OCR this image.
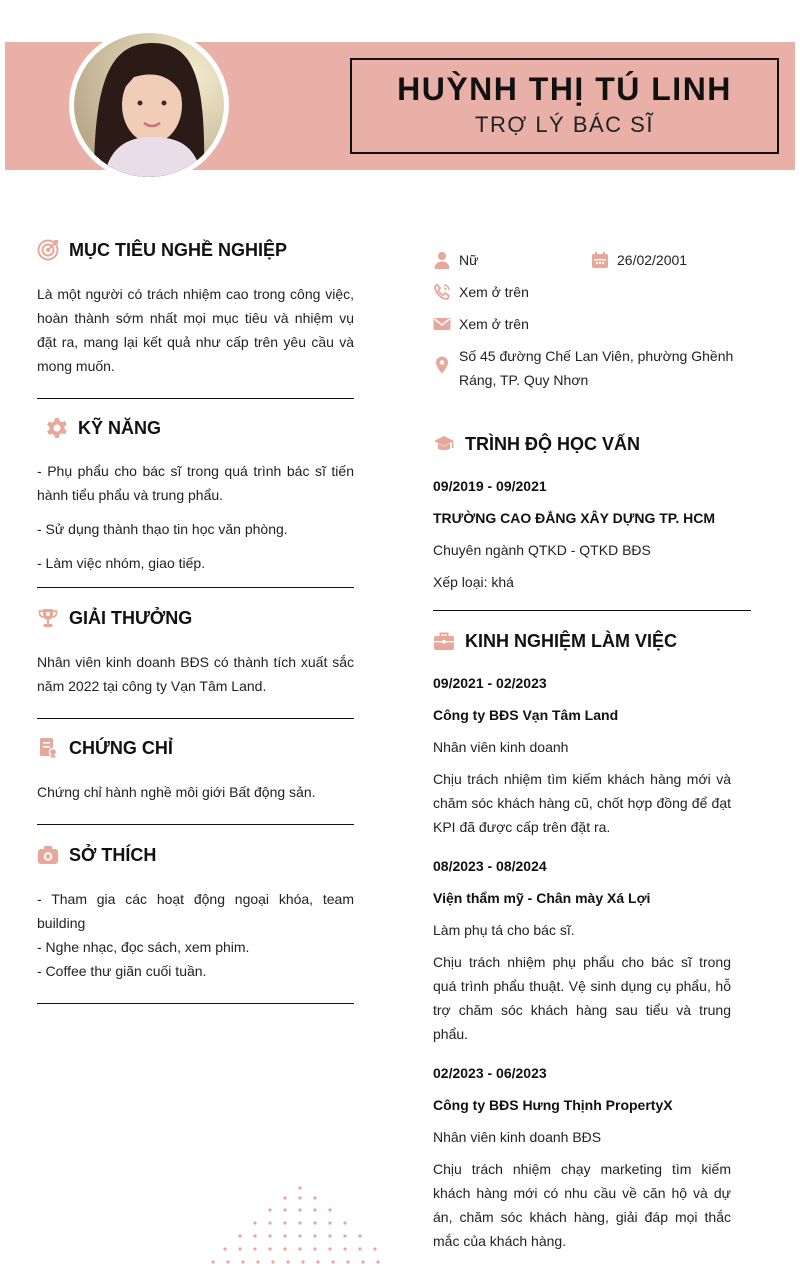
HUỲNH THỊ TÚ LINH
TRỢ LÝ BÁC SĨ
MỤC TIÊU NGHỀ NGHIỆP

Là một người có trách nhiệm cao trong công việc, hoàn thành sớm nhất mọi mục tiêu và nhiệm vụ đặt ra, mang lại kết quả như cấp trên yêu cầu và mong muốn.

KỸ NĂNG

- Phụ phẩu cho bác sĩ trong quá trình bác sĩ tiến hành tiểu phẩu và trung phẩu.

- Sử dụng thành thạo tin học văn phòng.

- Làm việc nhóm, giao tiếp.

GIẢI THƯỞNG

Nhân viên kinh doanh BĐS có thành tích xuất sắc năm 2022 tại công ty Vạn Tâm Land.

CHỨNG CHỈ

Chứng chỉ hành nghề môi giới Bất động sản.

SỞ THÍCH

- Tham gia các hoạt động ngoại khóa, team building

- Nghe nhạc, đọc sách, xem phim.

- Coffee thư giãn cuối tuần.

Nữ	26/02/2001
Xem ở trên
Xem ở trên
Số 45 đường Chế Lan Viên, phường Ghềnh Ráng, TP. Quy Nhơn
TRÌNH ĐỘ HỌC VẤN
09/2019 - 09/2021
TRƯỜNG CAO ĐẲNG XÂY DỰNG TP. HCM
Chuyên ngành QTKD - QTKD BĐS
Xếp loại: khá
KINH NGHIỆM LÀM VIỆC
09/2021 - 02/2023
Công ty BĐS Vạn Tâm Land
Nhân viên kinh doanh

Chịu trách nhiệm tìm kiếm khách hàng mới và chăm sóc khách hàng cũ, chốt hợp đồng để đạt KPI đã được cấp trên đặt ra.

08/2023 - 08/2024
Viện thẩm mỹ - Chân mày Xá Lợi
Làm phụ tá cho bác sĩ.

Chịu trách nhiệm phụ phẩu cho bác sĩ trong quá trình phẩu thuật. Vệ sinh dụng cụ phẩu, hỗ trợ chăm sóc khách hàng sau tiểu và trung phẩu.

02/2023 - 06/2023
Công ty BĐS Hưng Thịnh PropertyX
Nhân viên kinh doanh BĐS

Chịu trách nhiệm chạy marketing tìm kiếm khách hàng mới có nhu cầu về căn hộ và dự án, chăm sóc khách hàng, giải đáp mọi thắc mắc của khách hàng.
